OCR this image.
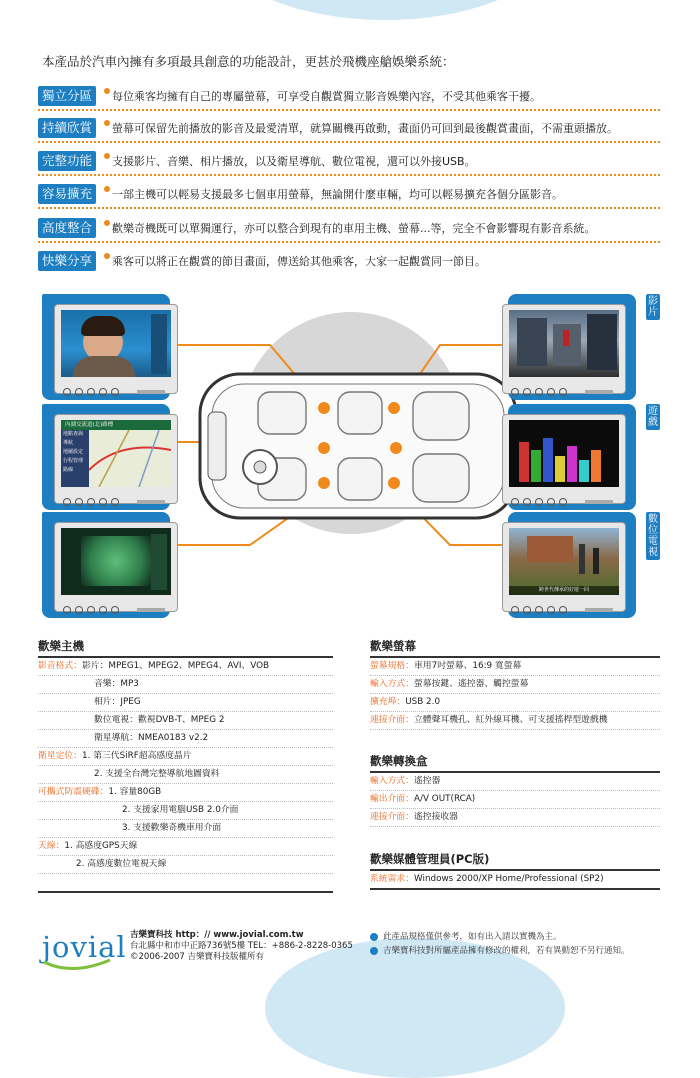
本產品於汽車內擁有多項最具創意的功能設計，更甚於飛機座艙娛樂系統：
獨立分區	每位乘客均擁有自己的專屬螢幕，可享受自觀賞獨立影音娛樂內容，不受其他乘客干擾。
持續欣賞	螢幕可保留先前播放的影音及最愛清單，就算關機再啟動，畫面仍可回到最後觀賞畫面，不需重頭播放。
完整功能	支援影片、音樂、相片播放，以及衛星導航、數位電視，還可以外接USB。
容易擴充	一部主機可以輕易支援最多七個車用螢幕，無論開什麼車輛，均可以輕易擴充各個分區影音。
高度整合	歡樂奇機既可以單獨運行，亦可以整合到現有的車用主機、螢幕...等，完全不會影響現有影音系統。
快樂分享	乘客可以將正在觀賞的節目畫面，傳送給其他乘客，大家一起觀賞同一節目。
影片
內湖交流道(北)路標
地點查詢
導航
地圖設定
行程管理
路線
遊戲
數位電視
跨世代傳承的好遊一回
歡樂主機
影音格式：影片：MPEG1、MPEG2、MPEG4、AVI、VOB
音樂：MP3
相片：JPEG
數位電視：歡視DVB-T、MPEG 2
衛星導航：NMEA0183 v2.2
衛星定位：1. 第三代SiRF超高感度晶片
2. 支援全台灣完整導航地圖資料
可攜式防震硬碟：1. 容量80GB
2. 支援家用電腦USB 2.0介面
3. 支援歡樂奇機車用介面
天線：1. 高感度GPS天線
2. 高感度數位電視天線
歡樂螢幕
螢幕規格：車用7吋螢幕、16:9 寬螢幕
輸入方式：螢幕按鍵、遙控器、觸控螢幕
擴充埠：USB 2.0
連接介面：立體聲耳機孔、紅外線耳機、可支援搖桿型遊戲機
歡樂轉換盒
輸入方式：遙控器
輸出介面：A/V OUT(RCA)
連接介面：遙控接收器
歡樂媒體管理員(PC版)
系統需求：Windows 2000/XP Home/Professional (SP2)
jovial 吉樂寶科技 http：// www.jovial.com.tw
台北縣中和市中正路736號5樓 TEL：+886-2-8228-0365
©2006-2007 吉樂寶科技版權所有
此產品規格僅供參考，如有出入請以實機為主。
吉樂寶科技對所屬產品擁有修改的權利，若有異動恕不另行通知。
